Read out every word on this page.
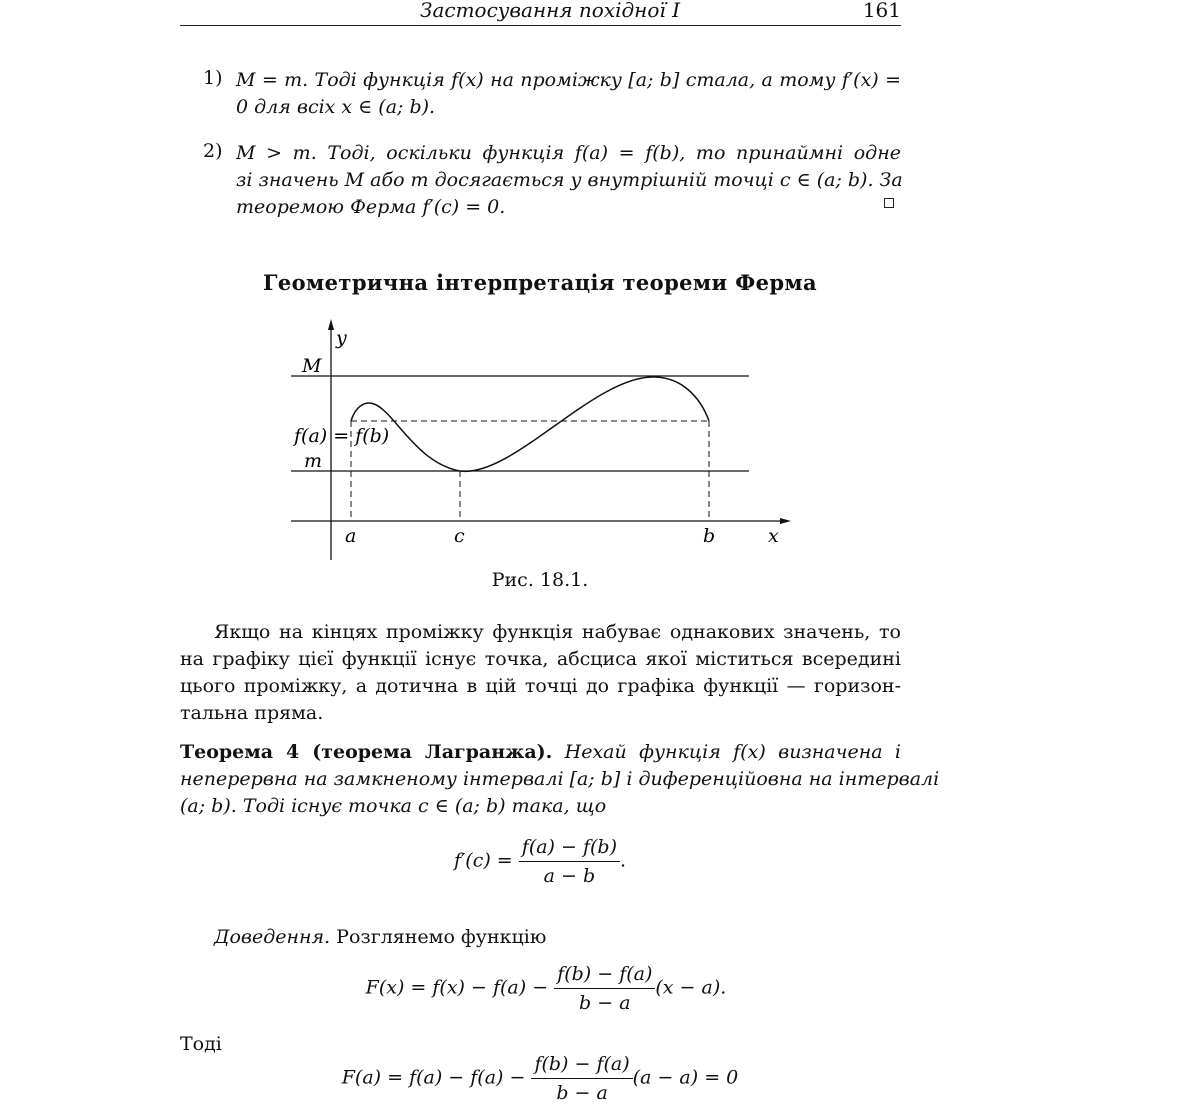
Застосування похідної I	161
1) M = m. Тоді функція f(x) на проміжку [a; b] стала, а тому f′(x) =
0 для всіх x ∈ (a; b).
2) M > m. Тоді, оскільки функція f(a) = f(b), то принаймні одне
зі значень M або m досягається у внутрішній точці c ∈ (a; b). За
теоремою Ферма f′(c) = 0.
Геометрична інтерпретація теореми Ферма
y
M
f(a) = f(b)
m
a	c	b	x
Рис. 18.1.
Якщо на кінцях проміжку функція набуває однакових значень, то
на графіку цієї функції існує точка, абсциса якої міститься всередині
цього проміжку, а дотична в цій точці до графіка функції — горизон-
тальна пряма.
Теорема 4 (теорема Лагранжа). Нехай функція f(x) визначена і
неперервна на замкненому інтервалі [a; b] і диференційовна на інтервалі
(a; b). Тоді існує точка c ∈ (a; b) така, що
$f'(c) = \frac{f(a) - f(b)}{a - b}$ .
Доведення. Розглянемо функцію
$F(x) = f(x) - f(a) - \frac{f(b) - f(a)}{b - a} (x - a)$.
Тоді
$F(a) = f(a) - f(a) - \frac{f(b) - f(a)}{b - a} (a - a) = 0$
